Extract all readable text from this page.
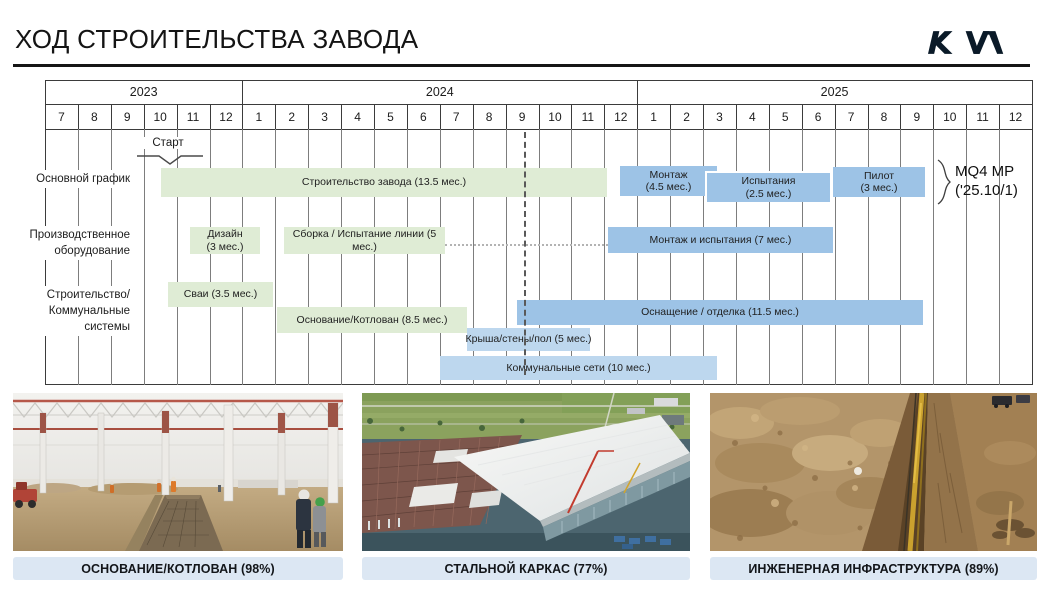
ХОД СТРОИТЕЛЬСТВА ЗАВОДА
Старт
MQ4 MP
('25.10/1)
2023
7	8	9	10	11	12
2024
1	2	3	4	5	6	7	8	9	10	11	12
2025
1	2	3	4	5	6	7	8	9	10	11	12
Основной график
Производственное
оборудование
Строительство/
Коммунальные
системы
Строительство завода (13.5 мес.)
Монтаж
(4.5 мес.)	Испытания
(2.5 мес.)
Пилот
(3 мес.)
Дизайн
(3 мес.)
Сборка / Испытание линии (5
мес.)
Монтаж и испытания (7 мес.)
Сваи (3.5 мес.)
Основание/Котлован (8.5 мес.)
Оснащение / отделка (11.5 мес.)
Крыша/стены/пол (5 мес.)
Коммунальные сети (10 мес.)
ОСНОВАНИЕ/КОТЛОВАН (98%)	СТАЛЬНОЙ КАРКАС (77%)	ИНЖЕНЕРНАЯ ИНФРАСТРУКТУРА (89%)
